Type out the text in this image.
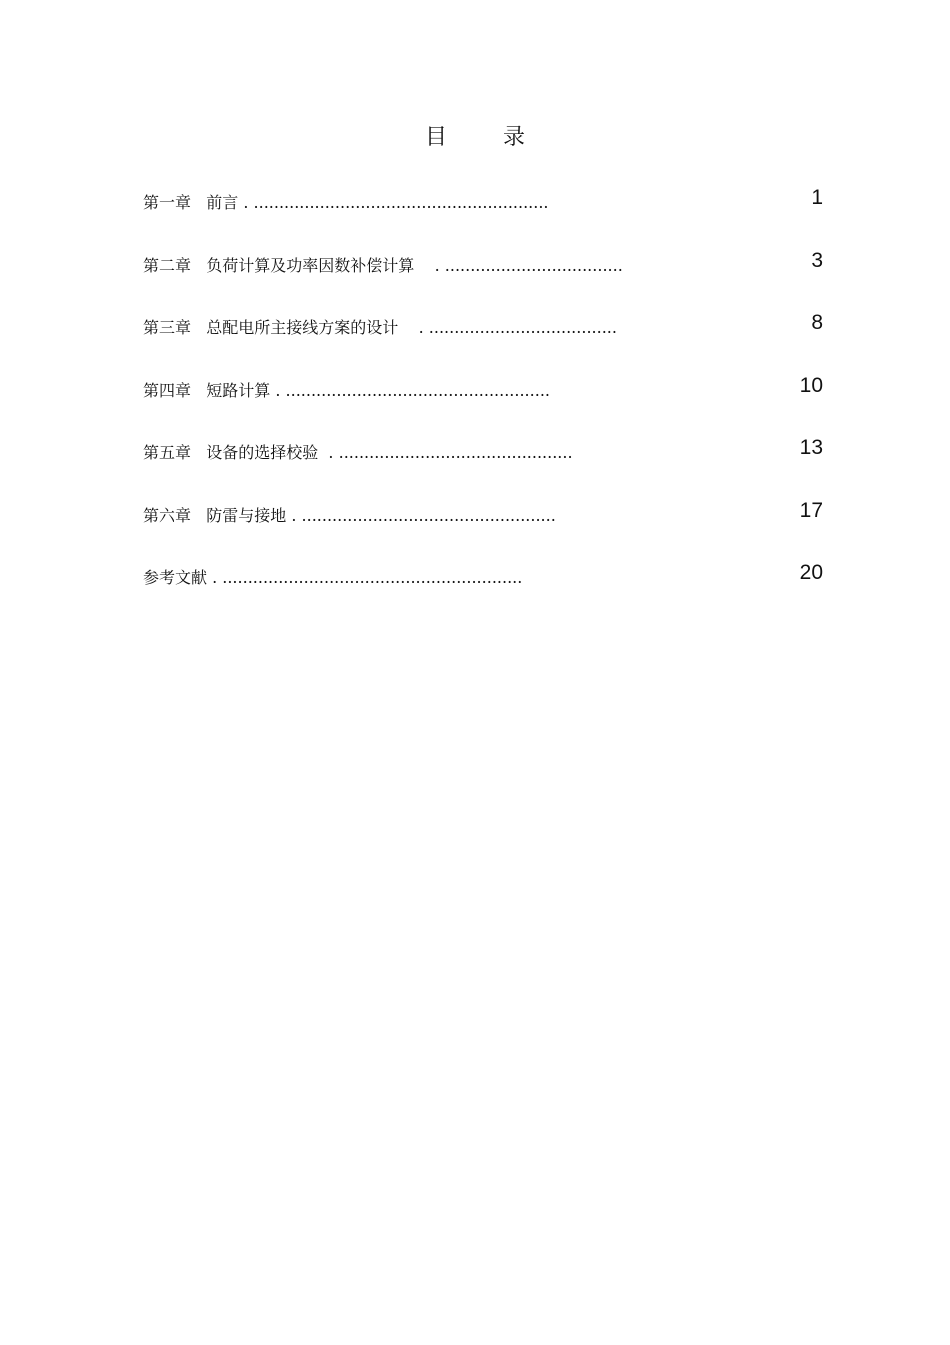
目	录
第一章   前言 . ..........................................................	1
第二章   负荷计算及功率因数补偿计算    . ...................................	3
第三章   总配电所主接线方案的设计    . .....................................	8
第四章   短路计算 . ....................................................	10
第五章   设备的选择校验  . ..............................................	13
第六章   防雷与接地 . ..................................................	17
参考文献 . ...........................................................	20
